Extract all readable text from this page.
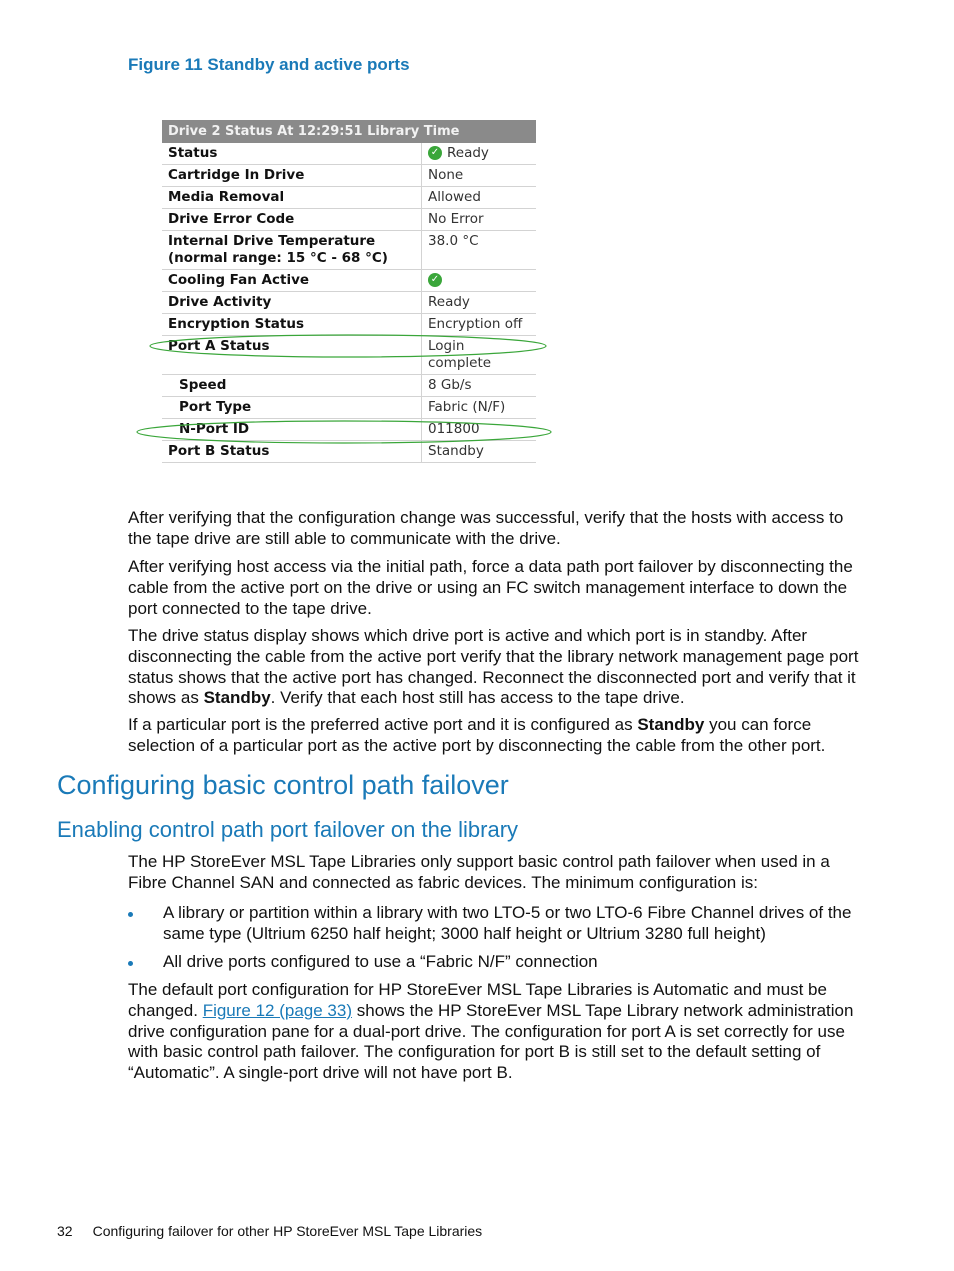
Figure 11 Standby and active ports
Drive 2 Status At 12:29:51 Library Time	
Status	✓ Ready
Cartridge In Drive	None
Media Removal	Allowed
Drive Error Code	No Error

Internal Drive Temperature
(normal range: 15 °C - 68 °C)	38.0 °C
Cooling Fan Active	✓
Drive Activity	Ready
Encryption Status	Encryption off
Port A Status	Login complete
Speed	8 Gb/s
Port Type	Fabric (N/F)
N-Port ID	011800
Port B Status	Standby

After verifying that the configuration change was successful, verify that the hosts with access to the tape drive are still able to communicate with the drive.

After verifying host access via the initial path, force a data path port failover by disconnecting the cable from the active port on the drive or using an FC switch management interface to down the port connected to the tape drive.

The drive status display shows which drive port is active and which port is in standby. After disconnecting the cable from the active port verify that the library network management page port status shows that the active port has changed. Reconnect the disconnected port and verify that it shows as Standby. Verify that each host still has access to the tape drive.

If a particular port is the preferred active port and it is configured as Standby you can force selection of a particular port as the active port by disconnecting the cable from the other port.

Configuring basic control path failover
Enabling control path port failover on the library

The HP StoreEver MSL Tape Libraries only support basic control path failover when used in a Fibre Channel SAN and connected as fabric devices. The minimum configuration is:

A library or partition within a library with two LTO-5 or two LTO-6 Fibre Channel drives of the same type (Ultrium 6250 half height; 3000 half height or Ultrium 3280 full height)
All drive ports configured to use a “Fabric N/F” connection

The default port configuration for HP StoreEver MSL Tape Libraries is Automatic and must be changed. Figure 12 (page 33) shows the HP StoreEver MSL Tape Library network administration drive configuration pane for a dual-port drive. The configuration for port A is set correctly for use with basic control path failover. The configuration for port B is still set to the default setting of “Automatic”. A single-port drive will not have port B.

32 Configuring failover for other HP StoreEver MSL Tape Libraries
